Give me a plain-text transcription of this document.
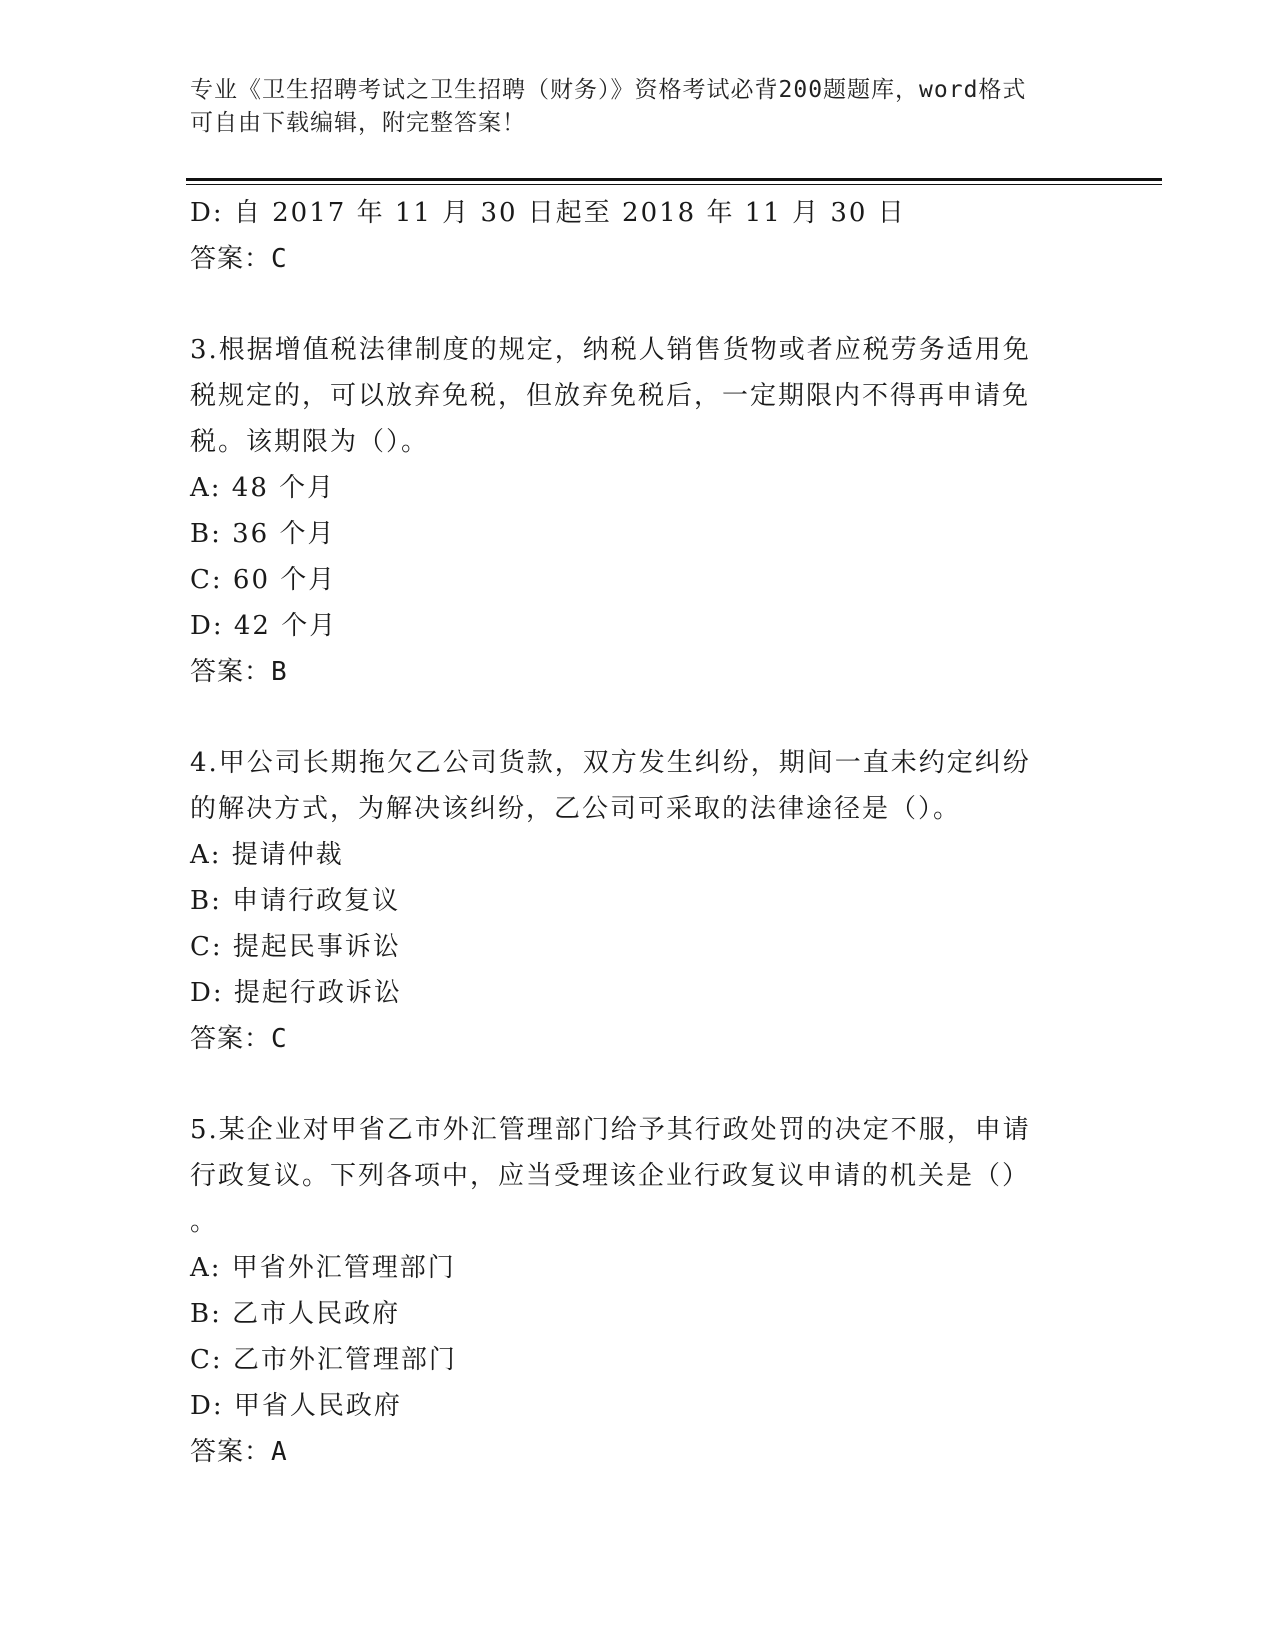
专业《卫生招聘考试之卫生招聘（财务）》资格考试必背200题题库，word格式
可自由下载编辑，附完整答案！
D: 自 2017 年 11 月 30 日起至 2018 年 11 月 30 日
答案：C
3.根据增值税法律制度的规定，纳税人销售货物或者应税劳务适用免
税规定的，可以放弃免税，但放弃免税后，一定期限内不得再申请免
税。该期限为（）。
A: 48 个月
B: 36 个月
C: 60 个月
D: 42 个月
答案：B
4.甲公司长期拖欠乙公司货款，双方发生纠纷，期间一直未约定纠纷
的解决方式，为解决该纠纷，乙公司可采取的法律途径是（）。
A: 提请仲裁
B: 申请行政复议
C: 提起民事诉讼
D: 提起行政诉讼
答案：C
5.某企业对甲省乙市外汇管理部门给予其行政处罚的决定不服，申请
行政复议。下列各项中，应当受理该企业行政复议申请的机关是（）
。
A: 甲省外汇管理部门
B: 乙市人民政府
C: 乙市外汇管理部门
D: 甲省人民政府
答案：A
